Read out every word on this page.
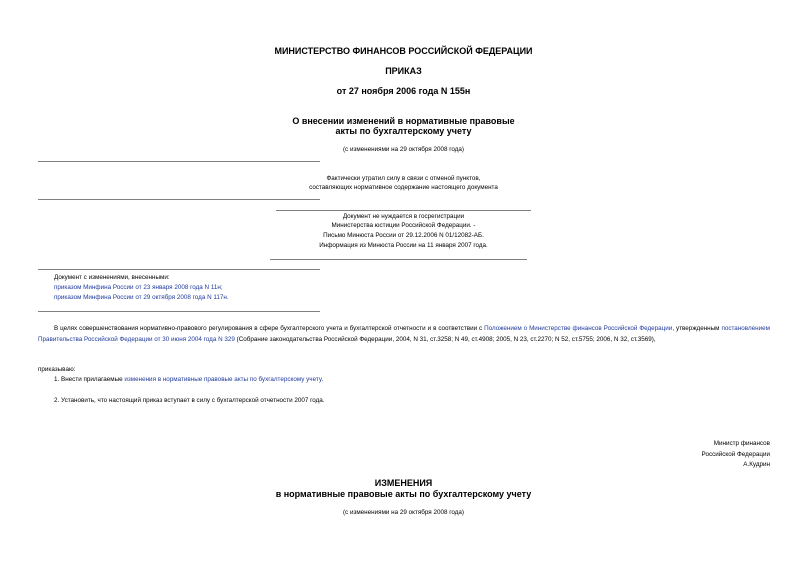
МИНИСТЕРСТВО ФИНАНСОВ РОССИЙСКОЙ ФЕДЕРАЦИИ
ПРИКАЗ
от 27 ноября 2006 года N 155н
О внесении изменений в нормативные правовые
акты по бухгалтерскому учету
(с изменениями на 29 октября 2008 года)
Фактически утратил силу в связи с отменой пунктов,
составляющих нормативное содержание настоящего документа
Документ не нуждается в госрегистрации
Министерства юстиции Российской Федерации. -
Письмо Минюста России от 29.12.2006 N 01/12082-АБ.
Информация из Минюста России на 11 января 2007 года.
Документ с изменениями, внесенными:
приказом Минфина России от 23 января 2008 года N 11н;
приказом Минфина России от 29 октября 2008 года N 117н.
В целях совершенствования нормативно-правового регулирования в сфере бухгалтерского учета и бухгалтерской отчетности и в соответствии с Положением о Министерстве финансов Российской Федерации, утвержденным постановлением Правительства Российской Федерации от 30 июня 2004 года N 329 (Собрание законодательства Российской Федерации, 2004, N 31, ст.3258; N 49, ст.4908; 2005, N 23, ст.2270; N 52, ст.5755; 2006, N 32, ст.3569),
приказываю:
1. Внести прилагаемые изменения в нормативные правовые акты по бухгалтерскому учету.
2. Установить, что настоящий приказ вступает в силу с бухгалтерской отчетности 2007 года.
Министр финансов
Российской Федерации
А.Кудрин
ИЗМЕНЕНИЯ
в нормативные правовые акты по бухгалтерскому учету
(с изменениями на 29 октября 2008 года)
